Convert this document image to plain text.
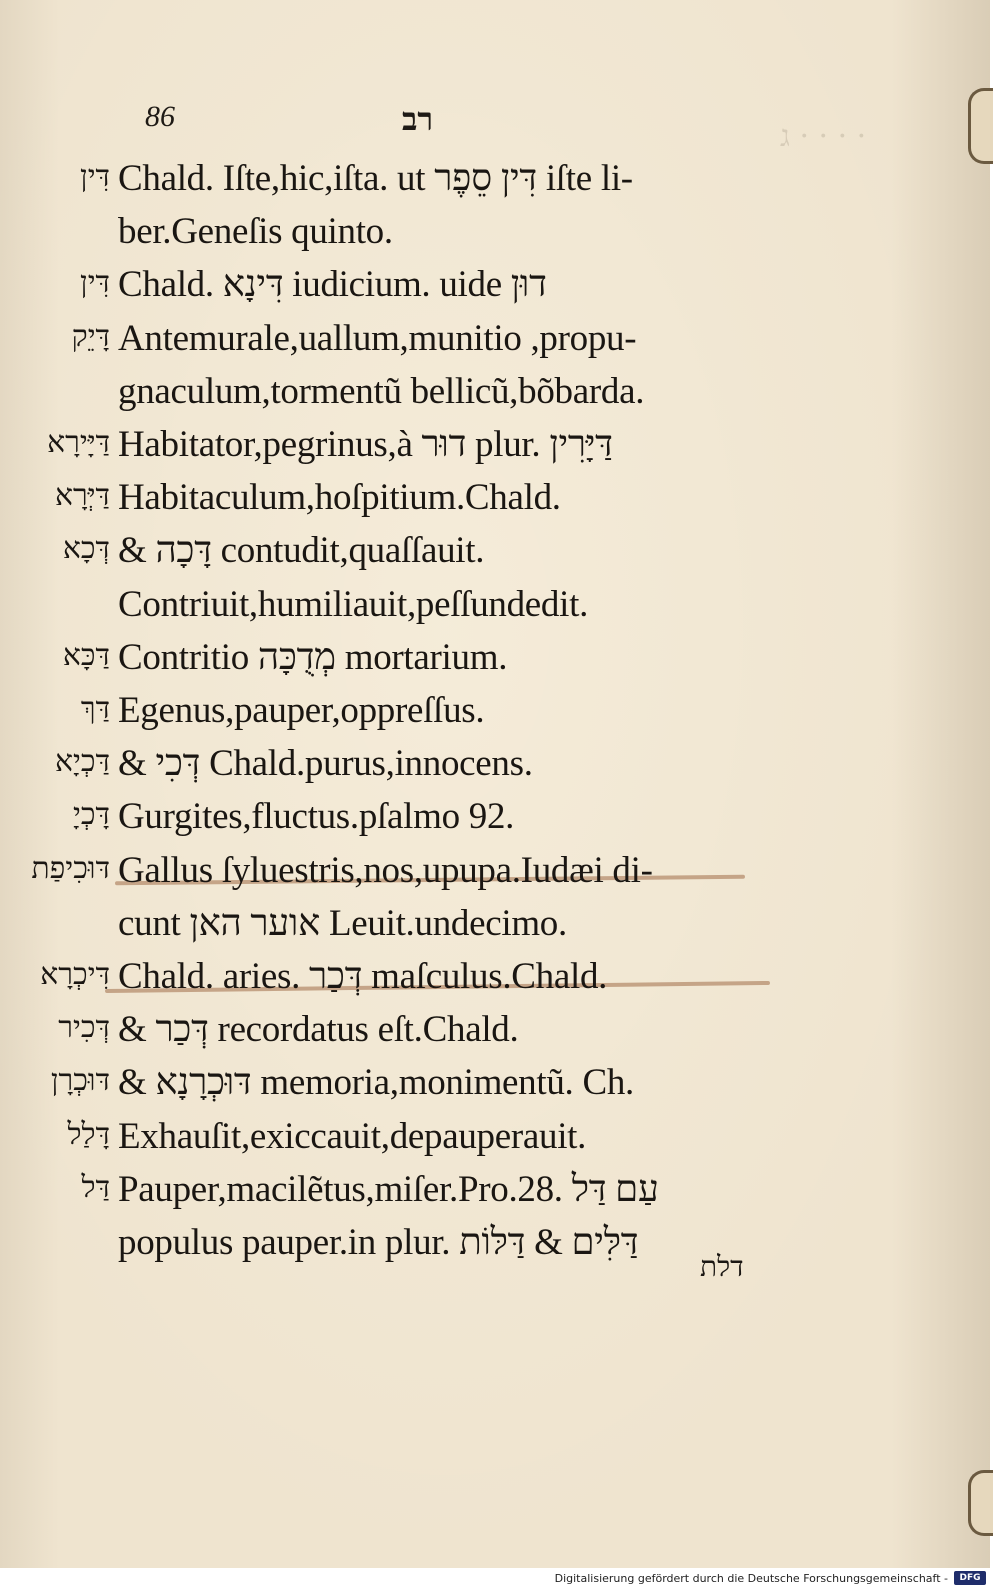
ג · · · ·
86	רב
דִּין Chald. Iſte,hic,iſta. ut דִּין סֵפֶר iſte li-
ber.Geneſis quinto.
דִּין Chald. דִּינָא iudicium. uide דוּן
דָּיֵק Antemurale,uallum,munitio ,propu-
gnaculum,tormentũ bellicũ,bõbarda.
דַּיָּירָא Habitator,pegrinus,à דוּר plur. דַּיָּרִין
דַּיְּרָא Habitaculum,hoſpitium.Chald.
דְּכָא & דָּכָה contudit,quaſſauit.
Contriuit,humiliauit,peſſundedit.
דַּכָּא Contritio מְדֻכָּה mortarium.
דַּךְ Egenus,pauper,oppreſſus.
דַּכְיָא & דְּכִי Chald.purus,innocens.
דָּכְיָ Gurgites,fluctus.pſalmo 92.
דּוּכִיפַת Gallus ſyluestris,nos,upupa.Iudæi di-
cunt אוער האן Leuit.undecimo.
דִּיכְרָא Chald. aries. דְּכַר maſculus.Chald.
דְּכִיר & דְּכַר recordatus eſt.Chald.
דּוּכְרָן & דּוּכְרָנָא memoria,monimentũ. Ch.
דָּלַל Exhauſit,exiccauit,depauperauit.
דַּל Pauper,macilẽtus,miſer.Pro.28. עַם דַּל
populus pauper.in plur. דַּלִּים & דַּלּוֹת
דלת
Digitalisierung gefördert durch die Deutsche Forschungsgemeinschaft -	DFG
